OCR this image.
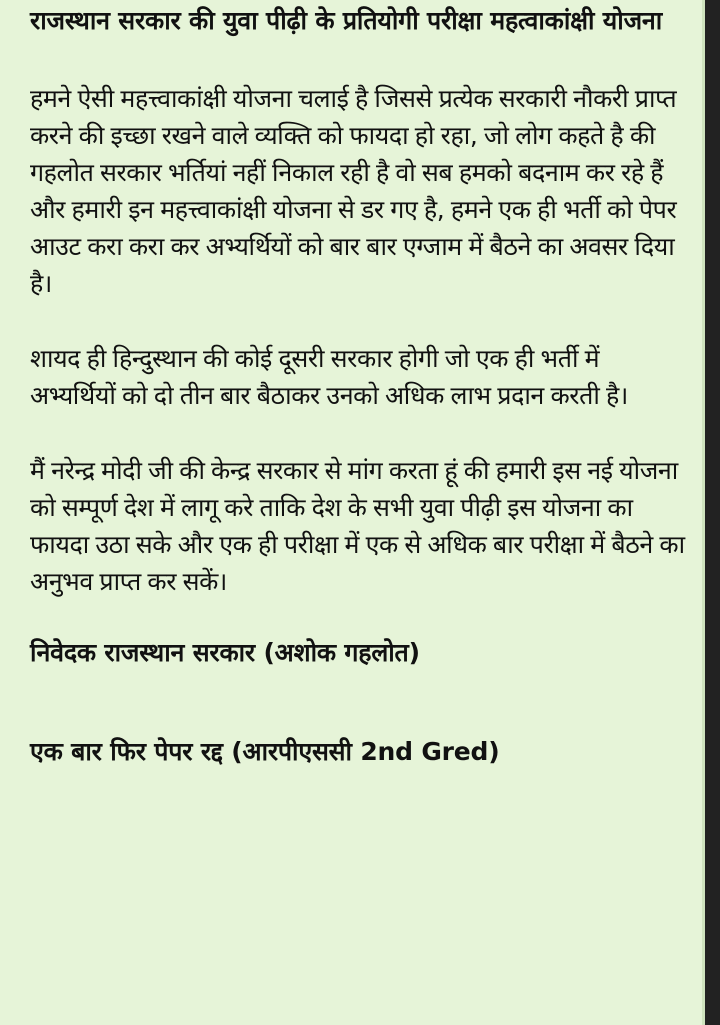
राजस्थान सरकार की युवा पीढ़ी के प्रतियोगी परीक्षा महत्वाकांक्षी योजना

हमने ऐसी महत्त्वाकांक्षी योजना चलाई है जिससे प्रत्येक सरकारी नौकरी प्राप्त करने की इच्छा रखने वाले व्यक्ति को फायदा हो रहा, जो लोग कहते है की गहलोत सरकार भर्तियां नहीं निकाल रही है वो सब हमको बदनाम कर रहे हैं और हमारी इन महत्त्वाकांक्षी योजना से डर गए है, हमने एक ही भर्ती को पेपर आउट करा करा कर अभ्यर्थियों को बार बार एग्जाम में बैठने का अवसर दिया है।

शायद ही हिन्दुस्थान की कोई दूसरी सरकार होगी जो एक ही भर्ती में अभ्यर्थियों को दो तीन बार बैठाकर उनको अधिक लाभ प्रदान करती है।

मैं नरेन्द्र मोदी जी की केन्द्र सरकार से मांग करता हूं की हमारी इस नई योजना को सम्पूर्ण देश में लागू करे ताकि देश के सभी युवा पीढ़ी इस योजना का फायदा उठा सके और एक ही परीक्षा में एक से अधिक बार परीक्षा में बैठने का अनुभव प्राप्त कर सकें।

निवेदक राजस्थान सरकार (अशोक गहलोत)
एक बार फिर पेपर रद्द (आरपीएससी 2nd Gred)
